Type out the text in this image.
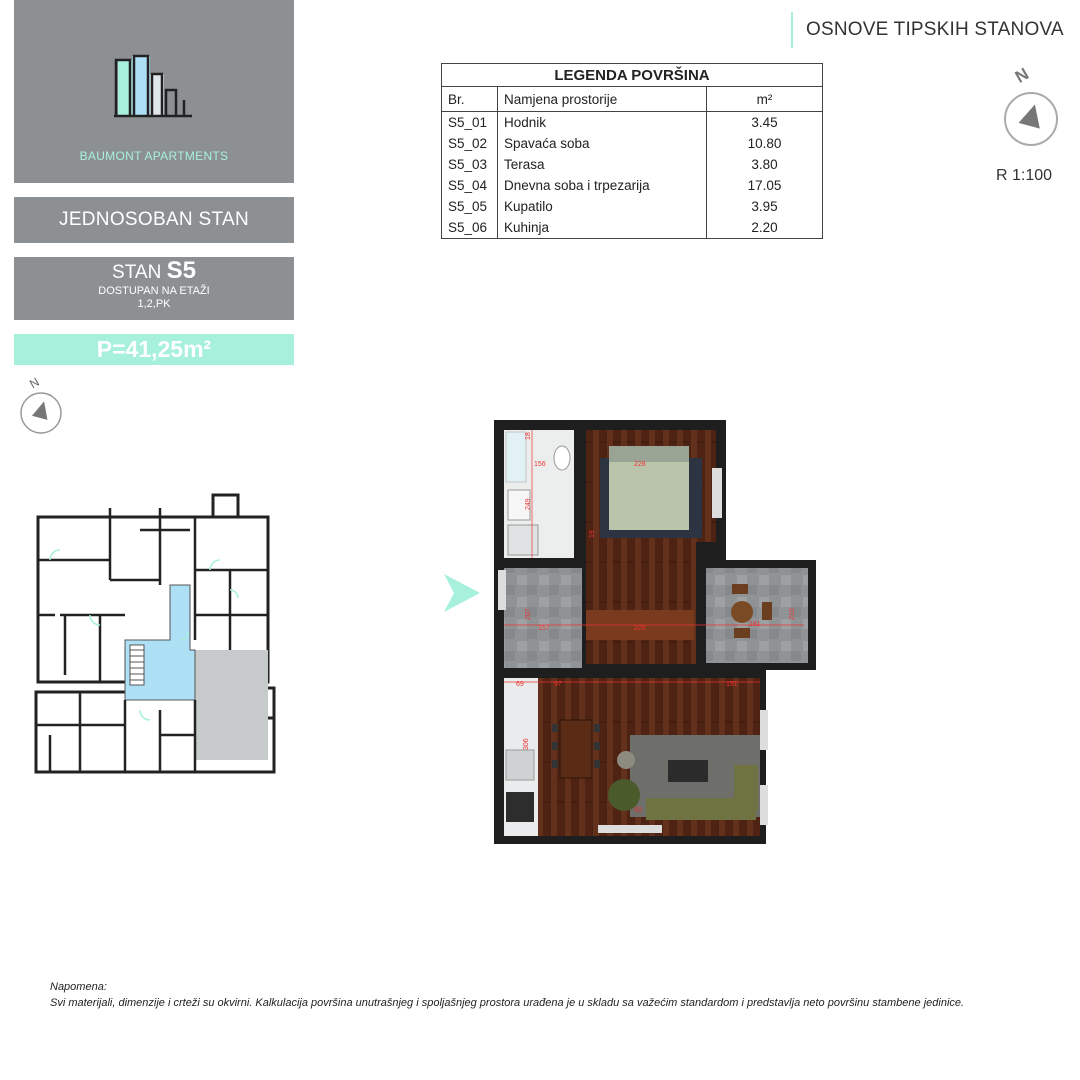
BAUMONT APARTMENTS
JEDNOSOBAN STAN
STAN S5
DOSTUPAN NA ETAŽI
1,2,PK
P=41,25m²
N
OSNOVE TIPSKIH STANOVA
N
R 1:100
LEGENDA POVRŠINA		
Br.	Namjena prostorije	m²
S5_01	Hodnik	3.45
S5_02	Spavaća soba	10.80
S5_03	Terasa	3.80
S5_04	Dnevna soba i trpezarija	17.05
S5_05	Kupatilo	3.95
S5_06	Kuhinja	2.20
156
18
249
228
19
228
207
157
181
210
69
306
97	151
50
Napomena:
Svi materijali, dimenzije i crteži su okvirni. Kalkulacija površina unutrašnjeg i spoljašnjeg prostora urađena je u skladu sa važećim standardom i predstavlja neto površinu stambene jedinice.
